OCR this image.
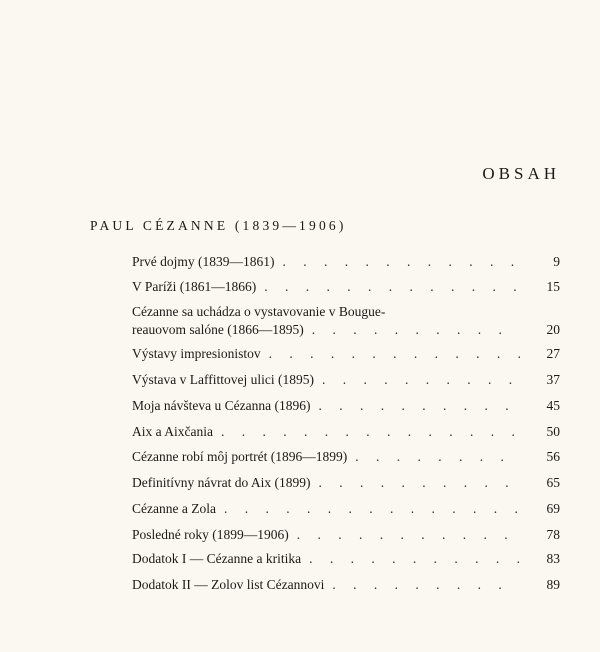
OBSAH
PAUL CÉZANNE (1839—1906)
Prvé dojmy (1839—1861) . . .	9
V Paríži (1861—1866) . . .	15
Cézanne sa uchádza o vystavovanie v Bougue-
reauovom salóne (1866—1895) . . .	20
Výstavy impresionistov . . .	27
Výstava v Laffittovej ulici (1895) . . .	37
Moja návšteva u Cézanna (1896) . . .	45
Aix a Aixčania . . .	50
Cézanne robí môj portrét (1896—1899) . . .	56
Definitívny návrat do Aix (1899) . . .	65
Cézanne a Zola . . .	69
Posledné roky (1899—1906) . . .	78
Dodatok I — Cézanne a kritika . . .	83
Dodatok II — Zolov list Cézannovi . . .	89
